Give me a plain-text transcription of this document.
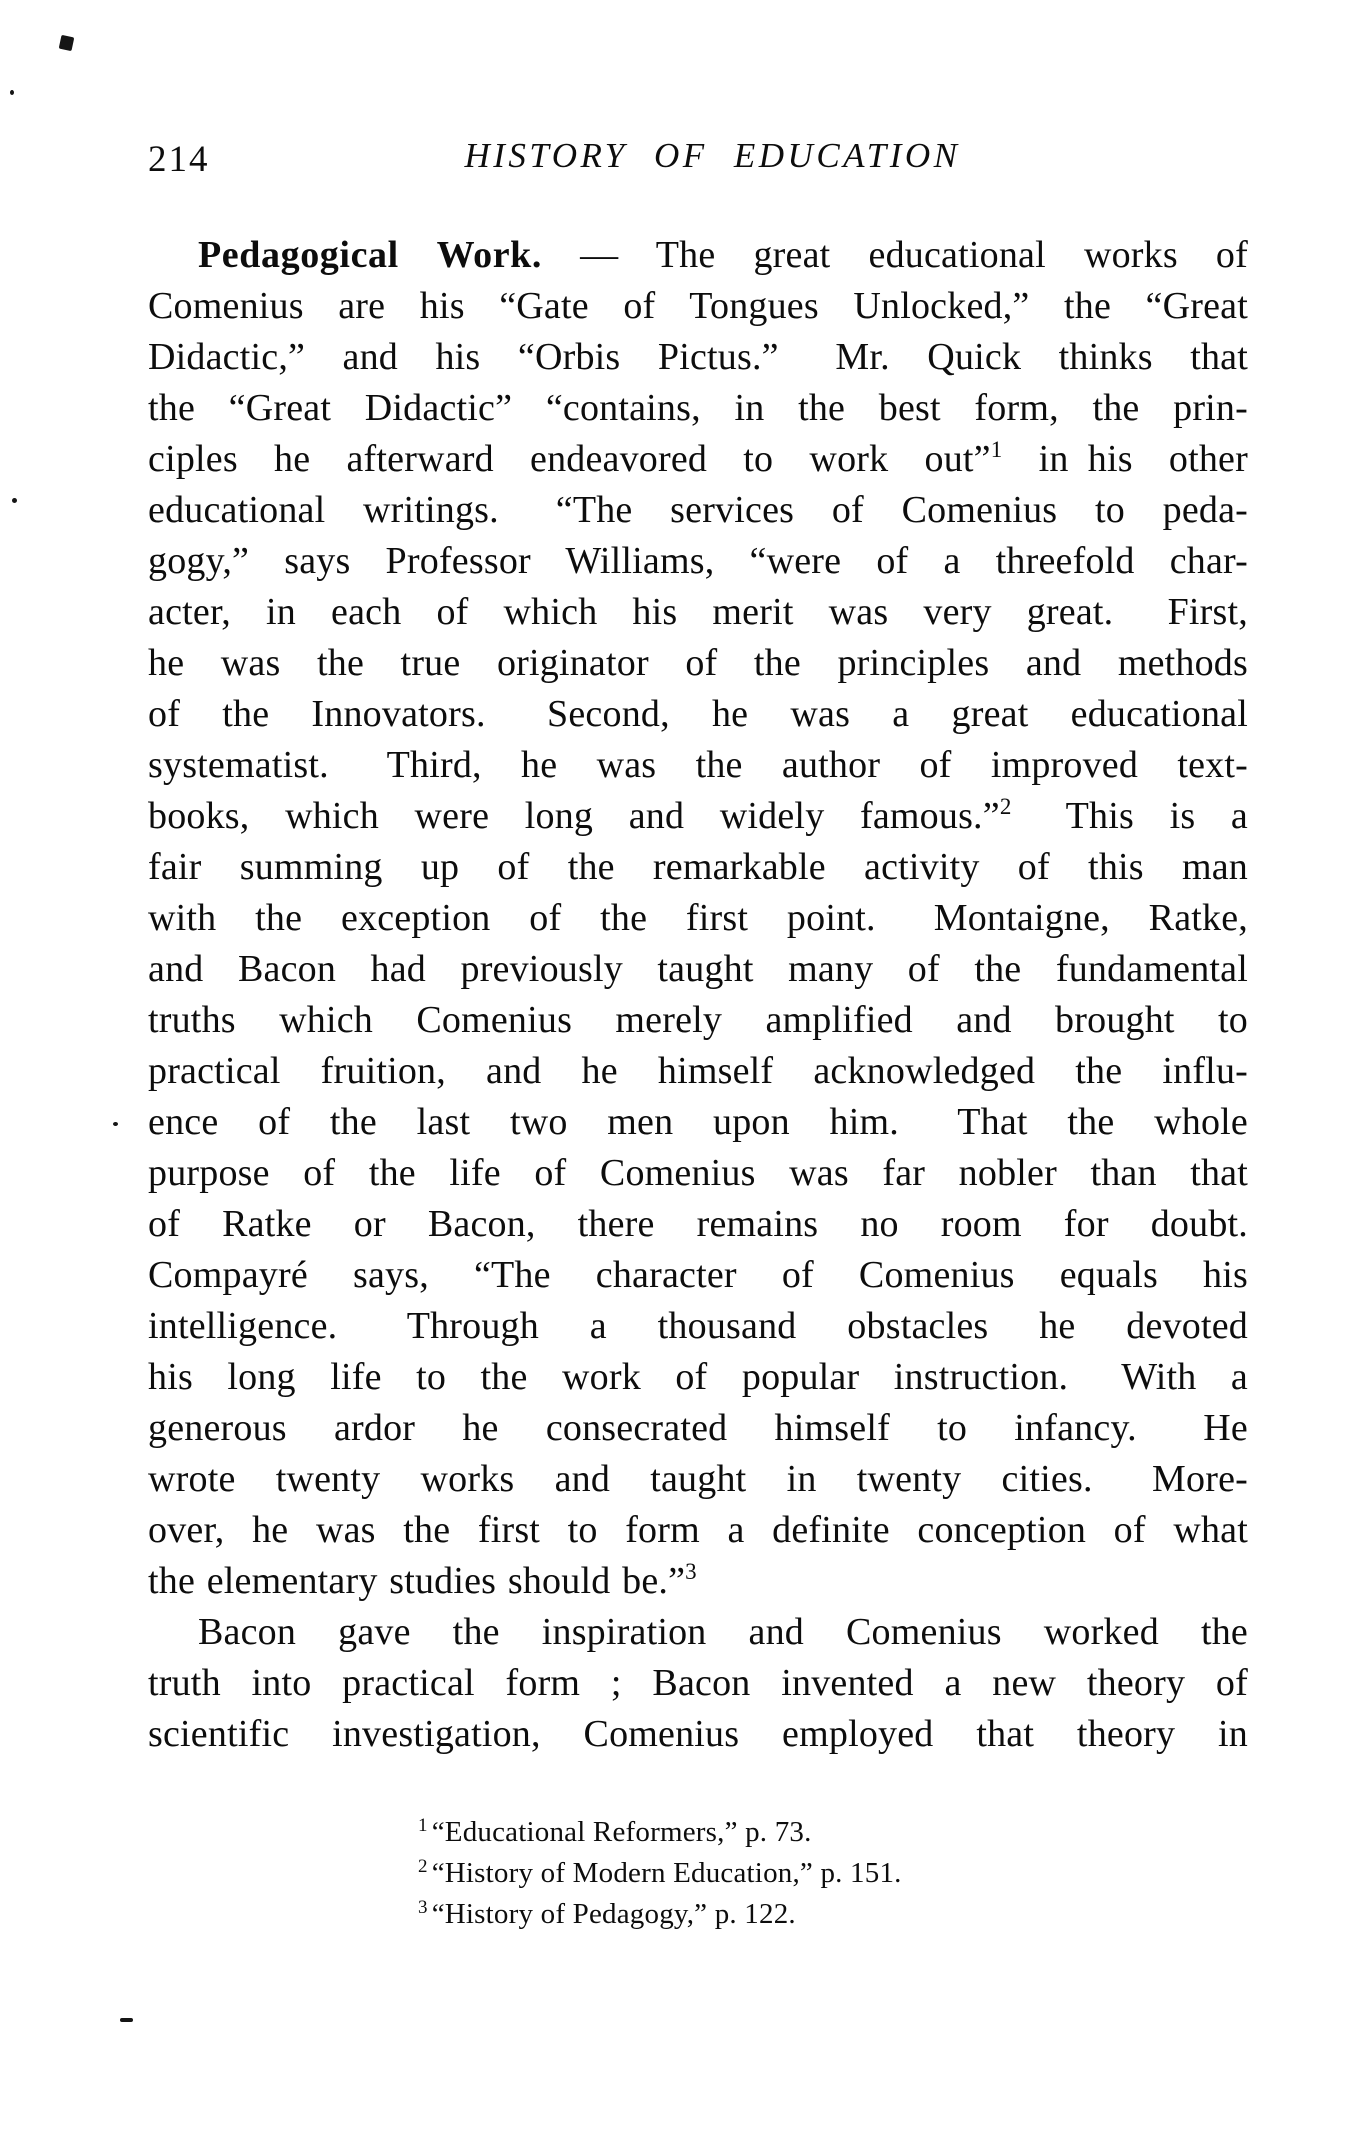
214	HISTORY OF EDUCATION
Pedagogical Work. — The great educational works of
Comenius are his “Gate of Tongues Unlocked,” the “Great
Didactic,” and his “Orbis Pictus.”  Mr. Quick thinks that
the “Great Didactic” “contains, in the best form, the prin-
ciples he afterward endeavored to work out”$^1$ in his other
educational writings.  “The services of Comenius to peda-
gogy,” says Professor Williams, “were of a threefold char-
acter, in each of which his merit was very great.  First,
he was the true originator of the principles and methods
of the Innovators.  Second, he was a great educational
systematist.  Third, he was the author of improved text-
books, which were long and widely famous.”$^2$  This is a
fair summing up of the remarkable activity of this man
with the exception of the first point.  Montaigne, Ratke,
and Bacon had previously taught many of the fundamental
truths which Comenius merely amplified and brought to
practical fruition, and he himself acknowledged the influ-
ence of the last two men upon him.  That the whole
purpose of the life of Comenius was far nobler than that
of Ratke or Bacon, there remains no room for doubt.
Compayré says, “The character of Comenius equals his
intelligence.  Through a thousand obstacles he devoted
his long life to the work of popular instruction.  With a
generous ardor he consecrated himself to infancy.  He
wrote twenty works and taught in twenty cities.  More-
over, he was the first to form a definite conception of what
the elementary studies should be.”$^3$
Bacon gave the inspiration and Comenius worked the
truth into practical form ; Bacon invented a new theory of
scientific investigation, Comenius employed that theory in
$^1$ “Educational Reformers,” p. 73.
$^2$ “History of Modern Education,” p. 151.
$^3$ “History of Pedagogy,” p. 122.
